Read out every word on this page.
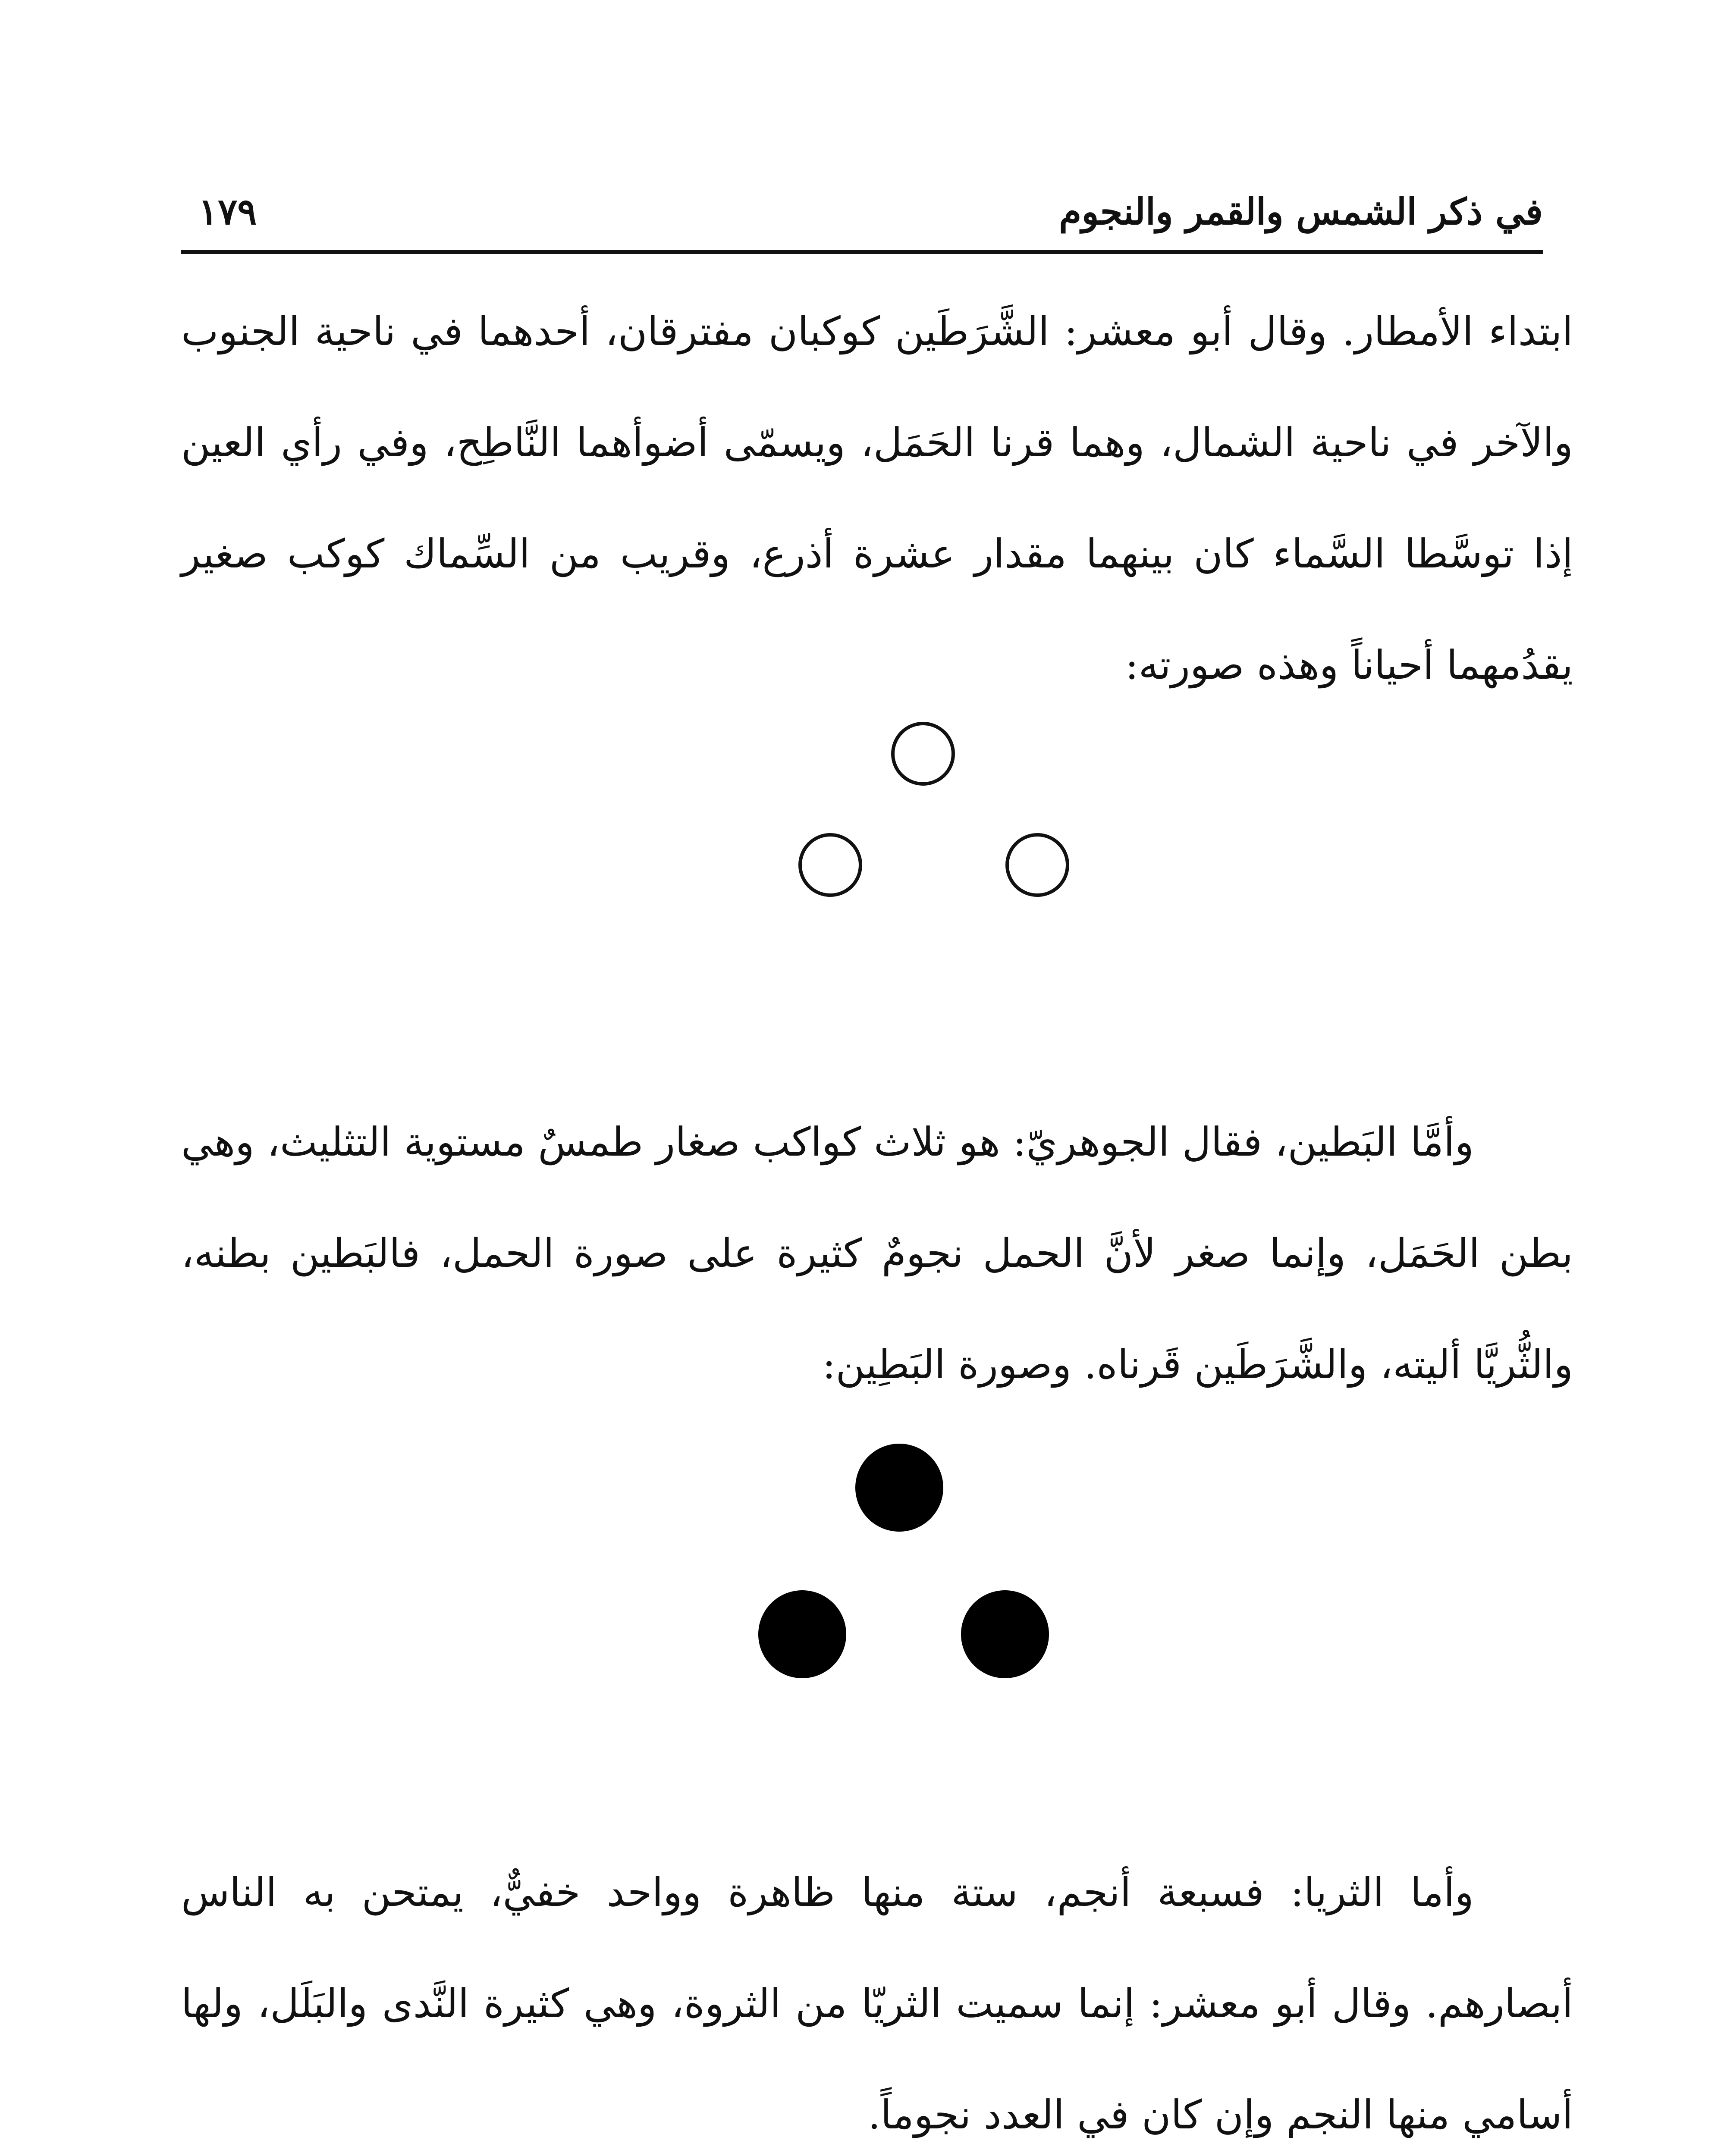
في ذكر الشمس والقمر والنجوم
١٧٩

ابتداء الأمطار. وقال أبو معشر: الشَّرَطَين كوكبان مفترقان، أحدهما في ناحية الجنوب والآخر في ناحية الشمال، وهما قرنا الحَمَل، ويسمّى أضوأهما النَّاطِح، وفي رأي العين إذا توسَّطا السَّماء كان بينهما مقدار عشرة أذرع، وقريب من السِّماك كوكب صغير يقدُمهما أحياناً وهذه صورته:

وأمَّا البَطين، فقال الجوهريّ: هو ثلاث كواكب صغار طمسٌ مستوية التثليث، وهي بطن الحَمَل، وإنما صغر لأنَّ الحمل نجومٌ كثيرة على صورة الحمل، فالبَطين بطنه، والثُّريَّا أليته، والشَّرَطَين قَرناه. وصورة البَطِين:

وأما الثريا: فسبعة أنجم، ستة منها ظاهرة وواحد خفيٌّ، يمتحن به الناس أبصارهم. وقال أبو معشر: إنما سميت الثريّا من الثروة، وهي كثيرة النَّدى والبَلَل، ولها أسامي منها النجم وإن كان في العدد نجوماً.
